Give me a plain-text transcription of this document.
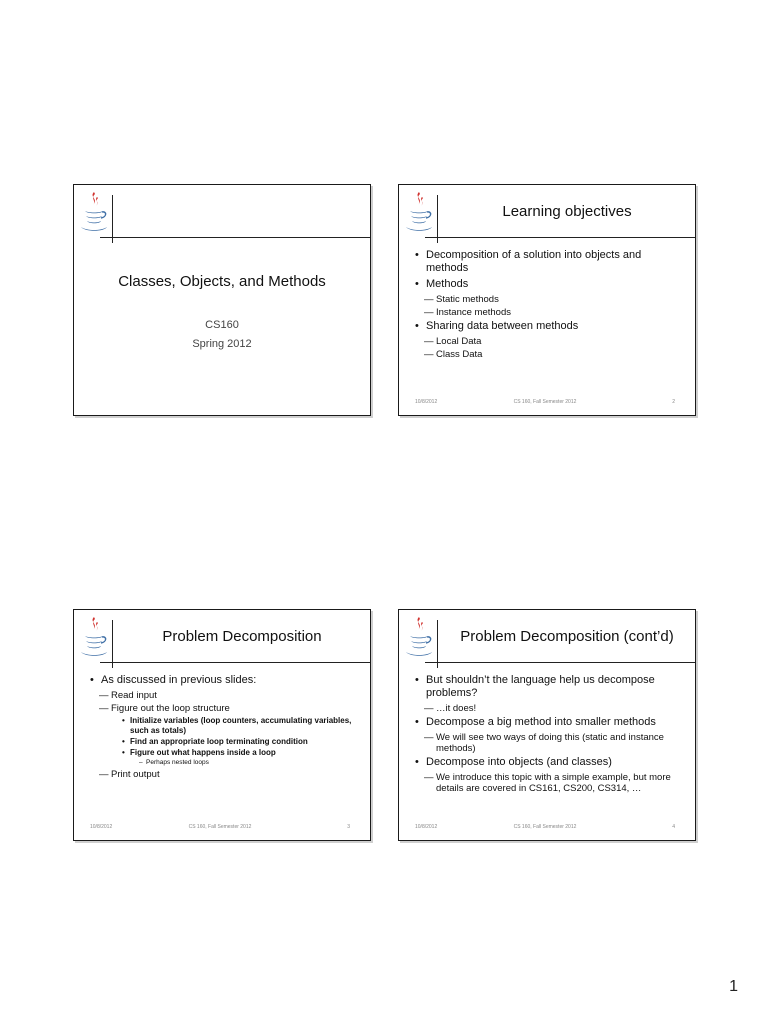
Classes, Objects, and Methods
CS160
Spring 2012
Learning objectives
• Decomposition of a solution into objects and methods
• Methods
— Static methods
— Instance methods
• Sharing data between methods
— Local Data
— Class Data
10/8/2012	CS 160, Fall Semester 2012	2
Problem Decomposition
• As discussed in previous slides:
— Read input
— Figure out the loop structure
• Initialize variables (loop counters, accumulating variables, such as totals)
• Find an appropriate loop terminating condition
• Figure out what happens inside a loop
– Perhaps nested loops
— Print output
10/8/2012	CS 160, Fall Semester 2012	3
Problem Decomposition (cont’d)
• But shouldn’t the language help us decompose problems?
— …it does!
• Decompose a big method into smaller methods
— We will see two ways of doing this (static and instance methods)
• Decompose into objects (and classes)
— We introduce this topic with a simple example, but more details are covered in CS161, CS200, CS314, …
10/8/2012	CS 160, Fall Semester 2012	4
1
